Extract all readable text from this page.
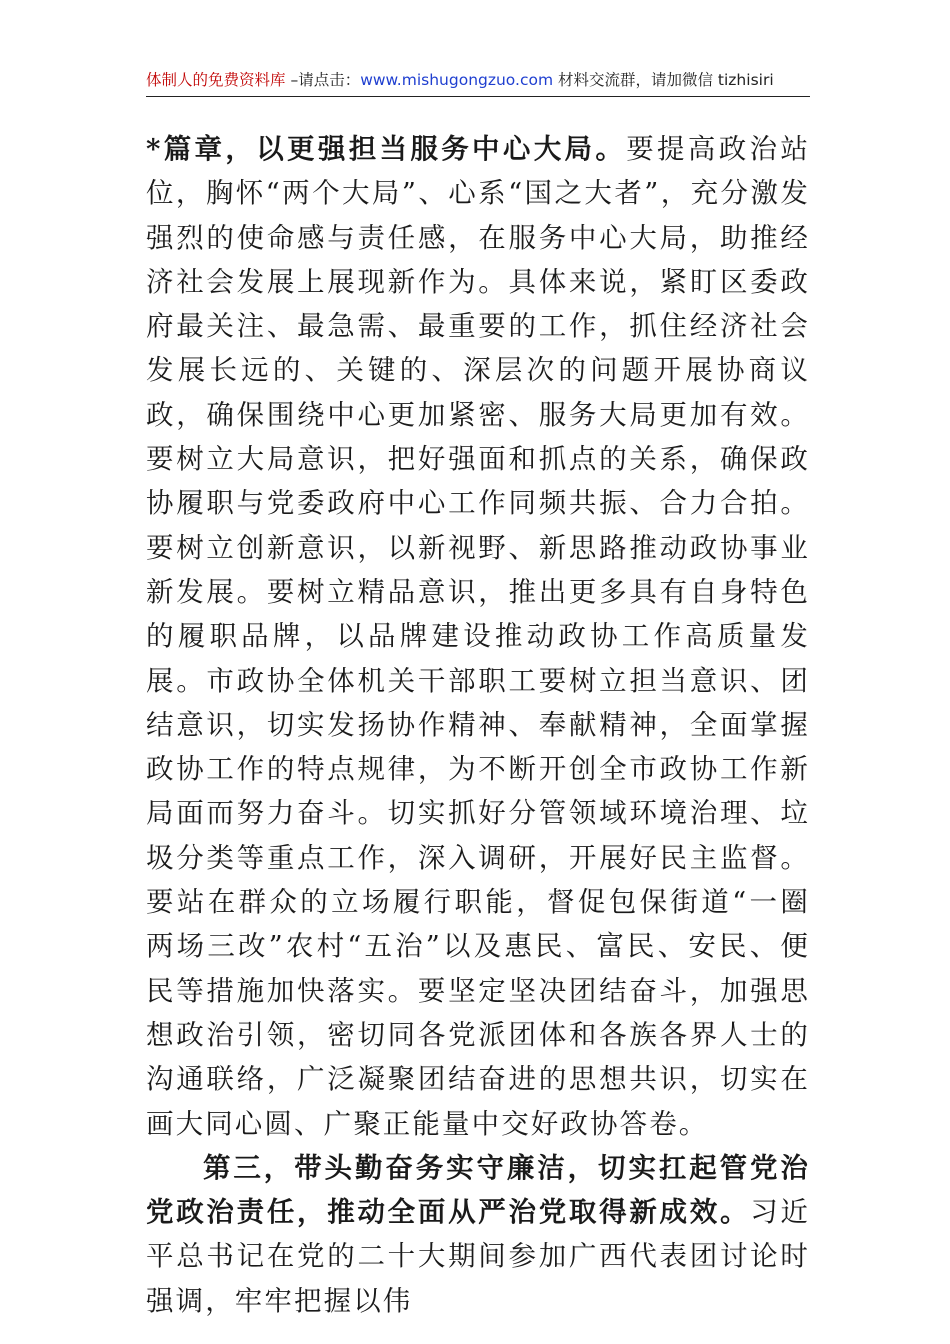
体制人的免费资料库 –请点击：www.mishugongzuo.com 材料交流群，请加微信 tizhisiri

*篇章，以更强担当服务中心大局。要提高政治站位，胸怀“两个大局”、心系“国之大者”，充分激发强烈的使命感与责任感，在服务中心大局，助推经济社会发展上展现新作为。具体来说，紧盯区委政府最关注、最急需、最重要的工作，抓住经济社会发展长远的、关键的、深层次的问题开展协商议政，确保围绕中心更加紧密、服务大局更加有效。要树立大局意识，把好强面和抓点的关系，确保政协履职与党委政府中心工作同频共振、合力合拍。要树立创新意识，以新视野、新思路推动政协事业新发展。要树立精品意识，推出更多具有自身特色的履职品牌，以品牌建设推动政协工作高质量发展。市政协全体机关干部职工要树立担当意识、团结意识，切实发扬协作精神、奉献精神，全面掌握政协工作的特点规律，为不断开创全市政协工作新局面而努力奋斗。切实抓好分管领域环境治理、垃圾分类等重点工作，深入调研，开展好民主监督。要站在群众的立场履行职能，督促包保街道“一圈两场三改”农村“五治”以及惠民、富民、安民、便民等措施加快落实。要坚定坚决团结奋斗，加强思想政治引领，密切同各党派团体和各族各界人士的沟通联络，广泛凝聚团结奋进的思想共识，切实在画大同心圆、广聚正能量中交好政协答卷。

第三，带头勤奋务实守廉洁，切实扛起管党治党政治责任，推动全面从严治党取得新成效。习近平总书记在党的二十大期间参加广西代表团讨论时强调，牢牢把握以伟
